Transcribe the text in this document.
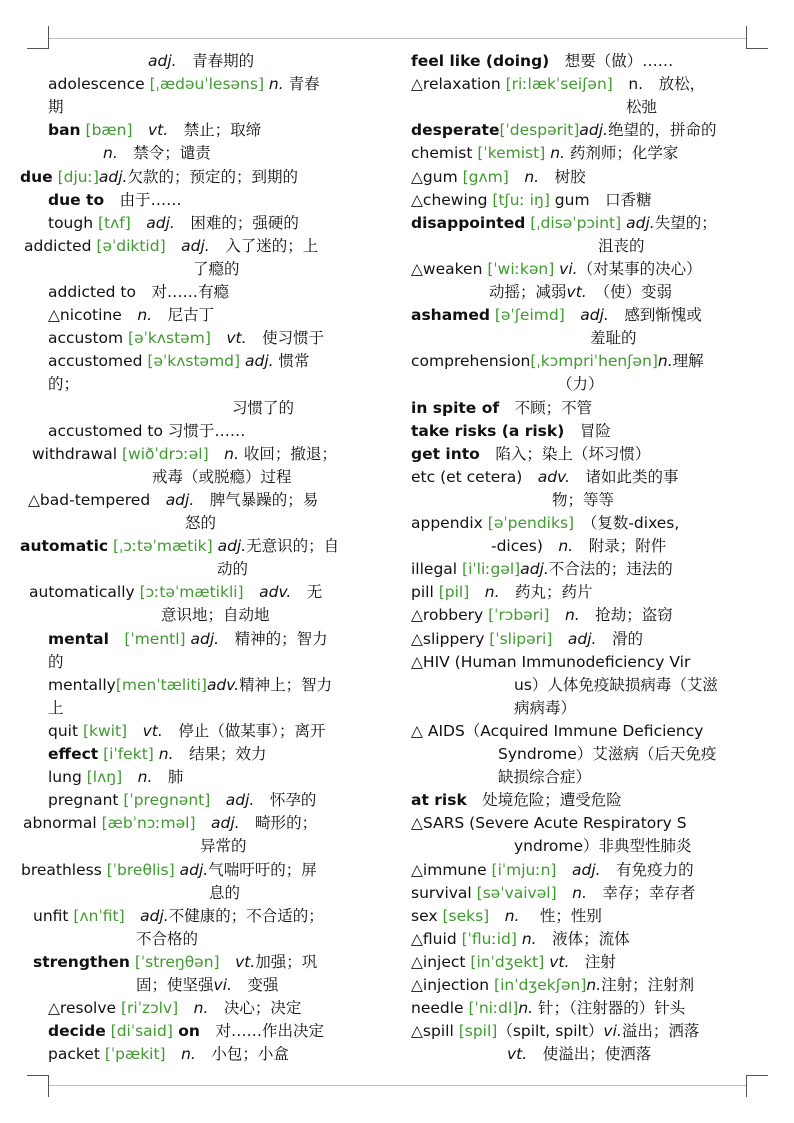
adj.　青春期的
adolescence [ˌædəuˈlesəns] n. 青春
期
ban [bæn]　vt.　禁止；取缔
n.　禁令；谴责
due [djuː]adj.欠款的；预定的；到期的
due to　由于……
tough [tʌf]　adj.　困难的；强硬的
addicted [əˈdiktid]　adj.　入了迷的；上
了瘾的
addicted to　对……有瘾
△nicotine　n.　尼古丁
accustom [əˈkʌstəm]　vt.　使习惯于
accustomed [əˈkʌstəmd] adj. 惯常
的；
习惯了的
accustomed to 习惯于……
withdrawal [wiðˈdrɔːəl]　n. 收回；撤退；
戒毒（或脱瘾）过程
△bad-tempered　adj.　脾气暴躁的；易
怒的
automatic [ˌɔːtəˈmætik] adj.无意识的；自
动的
automatically [ɔːtəˈmætikli]　adv.　无
意识地；自动地
mental　[ˈmentl] adj.　精神的；智力
的
mentally[menˈtæliti]adv.精神上；智力
上
quit [kwit]　vt.　停止（做某事）；离开
effect [iˈfekt] n.　结果；效力
lung [lʌŋ]　n.　肺
pregnant [ˈpregnənt]　adj.　怀孕的
abnormal [æbˈnɔːməl]　adj.　畸形的；
异常的
breathless [ˈbreθlis] adj.气喘吁吁的；屏
息的
unfit [ʌnˈfit]　adj.不健康的；不合适的；
不合格的
strengthen [ˈstreŋθən]　vt.加强；巩
固；使坚强vi.　变强
△resolve [riˈzɔlv]　n.　决心；决定
decide [diˈsaid] on　对……作出决定
packet [ˈpækit]　n.　小包；小盒
feel like (doing)　想要（做）……
△relaxation [riːlækˈseiʃən]　n.　放松，
松弛
desperate[ˈdespərit]adj.绝望的，拼命的
chemist [ˈkemist] n. 药剂师；化学家
△gum [gʌm]　n.　树胶
△chewing [tʃuː iŋ] gum　口香糖
disappointed [ˌdisəˈpɔint] adj.失望的；
沮丧的
△weaken [ˈwiːkən] vi.（对某事的决心）
动摇；减弱vt.　（使）变弱
ashamed [əˈʃeimd]　adj.　感到惭愧或
羞耻的
comprehension[ˌkɔmpriˈhenʃən]n.理解
（力）
in spite of　不顾；不管
take risks (a risk)　冒险
get into　陷入；染上（坏习惯）
etc (et cetera)　adv.　诸如此类的事
物；等等
appendix [əˈpendiks]　（复数-dixes,
-dices)　n.　附录；附件
illegal [iˈliːgəl]adj.不合法的；违法的
pill [pil]　n.　药丸；药片
△robbery [ˈrɔbəri]　n.　抢劫；盗窃
△slippery [ˈslipəri]　adj.　滑的
△HIV (Human Immunodeficiency Vir
us）人体免疫缺损病毒（艾滋
病病毒）
△ AIDS（Acquired Immune Deficiency
Syndrome）艾滋病（后天免疫
缺损综合症）
at risk　处境危险；遭受危险
△SARS (Severe Acute Respiratory S
yndrome）非典型性肺炎
△immune [iˈmjuːn]　adj.　有免疫力的
survival [səˈvaivəl]　n.　幸存；幸存者
sex [seks]　n.　 性；性别
△fluid [ˈfluːid] n.　液体；流体
△inject [inˈdʒekt] vt.　注射
△injection [inˈdʒekʃən]n.注射；注射剂
needle [ˈniːdl]n. 针；（注射器的）针头
△spill [spil]（spilt, spilt）vi.溢出；洒落
vt.　使溢出；使洒落
